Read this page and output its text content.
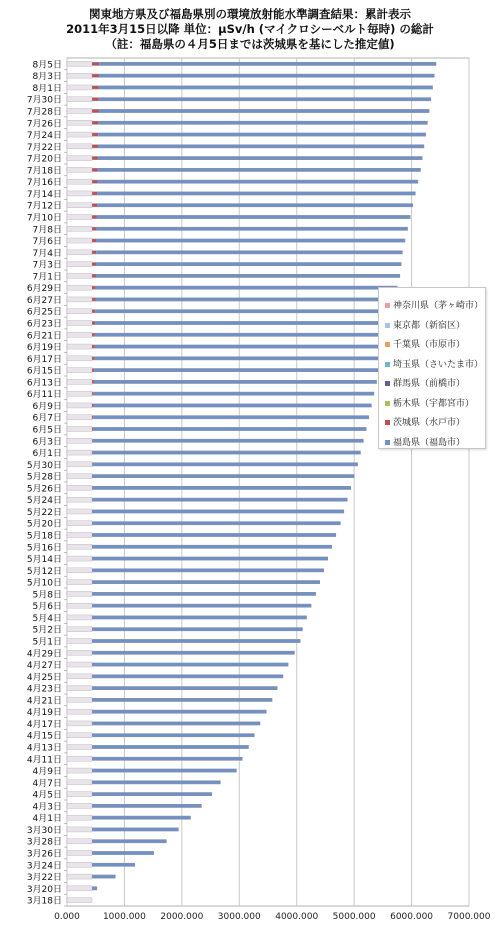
関東地方県及び福島県別の環境放射能水準調査結果：累計表示
2011年3月15日以降 単位：μSv/h (マイクロシーベルト毎時) の総計
（註：福島県の４月5日までは茨城県を基にした推定値)
0.000	1000.000 2000.000 3000.000 4000.000 5000.000 6000.000 7000.000
8月5日
8月3日
8月1日
7月30日
7月28日
7月26日
7月24日
7月22日
7月20日
7月18日
7月16日
7月14日
7月12日
7月10日
7月8日
7月6日
7月4日
7月3日
7月1日
6月29日
6月27日
6月25日
6月23日
6月21日
6月19日
6月17日
6月15日
6月13日
6月11日
6月9日
6月7日
6月5日
6月3日
6月1日
5月30日
5月28日
5月26日
5月24日
5月22日
5月20日
5月18日
5月16日
5月14日
5月12日
5月10日
5月8日
5月6日
5月4日
5月2日
5月1日
4月29日
4月27日
4月25日
4月23日
4月21日
4月19日
4月17日
4月15日
4月13日
4月11日
4月9日
4月7日
4月5日
4月3日
4月1日
3月30日
3月28日
3月26日
3月24日
3月22日
3月20日
3月18日
神奈川県（茅ヶ崎市）
東京都（新宿区）
千葉県（市原市）
埼玉県（さいたま市）
群馬県（前橋市）
栃木県（宇都宮市）
茨城県（水戸市）
福島県（福島市）
